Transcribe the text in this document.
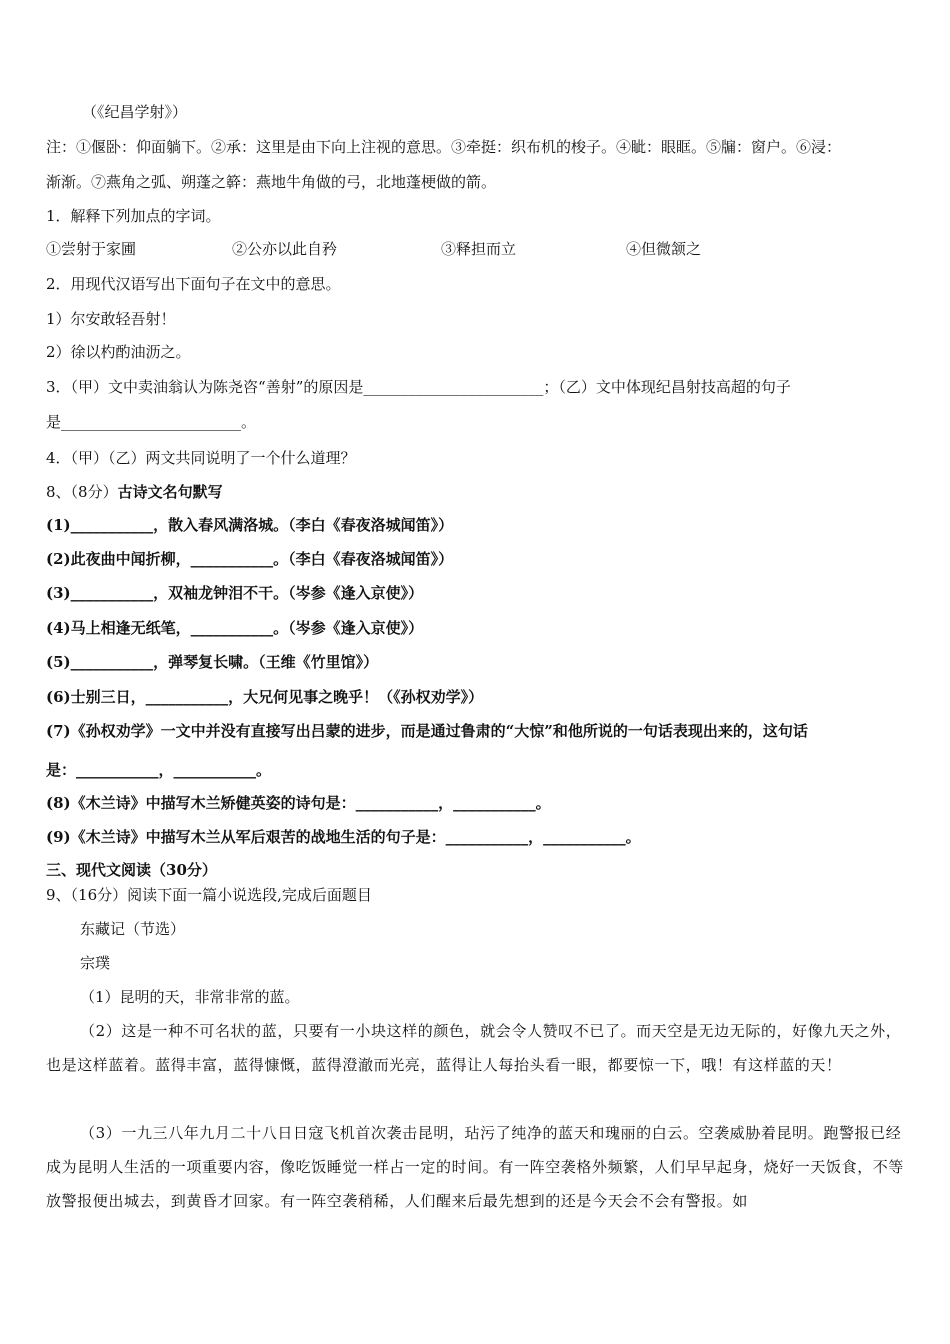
（《纪昌学射》）
注：①偃卧：仰面躺下。②承：这里是由下向上注视的意思。③牵挺：织布机的梭子。④眦：眼眶。⑤牖：窗户。⑥浸：
渐渐。⑦燕角之弧、朔蓬之簳：燕地牛角做的弓，北地蓬梗做的箭。
1．解释下列加点的字词。
①尝射于家圃	②公亦以此自矜	③释担而立	④但微颔之
2．用现代汉语写出下面句子在文中的意思。
1）尔安敢轻吾射！
2）徐以杓酌油沥之。
3．（甲）文中卖油翁认为陈尧咨“善射”的原因是________________________；（乙）文中体现纪昌射技高超的句子
是________________________。
4．（甲）（乙）两文共同说明了一个什么道理？
8、（8分）古诗文名句默写
(1)___________，散入春风满洛城。（李白《春夜洛城闻笛》）
(2)此夜曲中闻折柳，___________。（李白《春夜洛城闻笛》）
(3)___________，双袖龙钟泪不干。（岑参《逢入京使》）
(4)马上相逢无纸笔，___________。（岑参《逢入京使》）
(5)___________，弹琴复长啸。（王维《竹里馆》）
(6)士别三日，___________，大兄何见事之晚乎！（《孙权劝学》）
(7)《孙权劝学》一文中并没有直接写出吕蒙的进步，而是通过鲁肃的“大惊”和他所说的一句话表现出来的，这句话
是：___________，___________。
(8)《木兰诗》中描写木兰矫健英姿的诗句是：___________，___________。
(9)《木兰诗》中描写木兰从军后艰苦的战地生活的句子是：___________，___________。
三、现代文阅读（30分）
9、（16分）阅读下面一篇小说选段,完成后面题目
东藏记（节选）
宗璞
（1）昆明的天，非常非常的蓝。
（2）这是一种不可名状的蓝，只要有一小块这样的颜色，就会令人赞叹不已了。而天空是无边无际的，好像九天之外，也是这样蓝着。蓝得丰富，蓝得慷慨，蓝得澄澈而光亮，蓝得让人每抬头看一眼，都要惊一下，哦！有这样蓝的天！
（3）一九三八年九月二十八日日寇飞机首次袭击昆明，玷污了纯净的蓝天和瑰丽的白云。空袭威胁着昆明。跑警报已经成为昆明人生活的一项重要内容，像吃饭睡觉一样占一定的时间。有一阵空袭格外频繁，人们早早起身，烧好一天饭食，不等放警报便出城去，到黄昏才回家。有一阵空袭稍稀，人们醒来后最先想到的还是今天会不会有警报。如
